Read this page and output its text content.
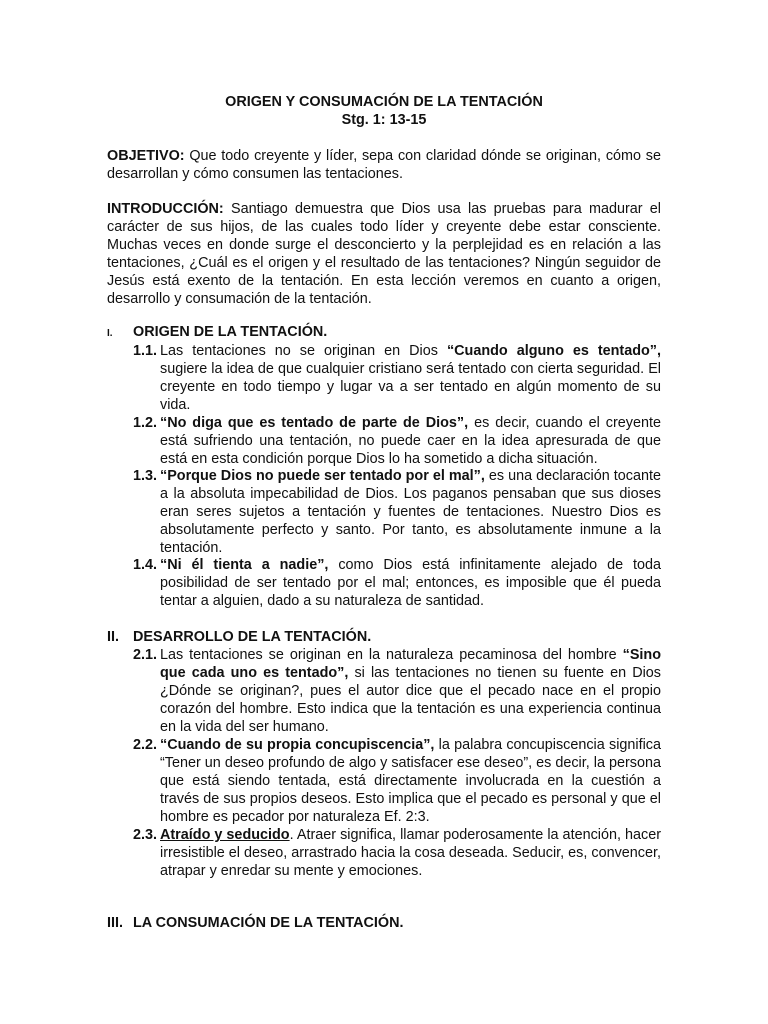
ORIGEN Y CONSUMACIÓN DE LA TENTACIÓN
Stg. 1: 13-15
OBJETIVO: Que todo creyente y líder, sepa con claridad dónde se originan, cómo se desarrollan y cómo consumen las tentaciones.
INTRODUCCIÓN: Santiago demuestra que Dios usa las pruebas para madurar el carácter de sus hijos, de las cuales todo líder y creyente debe estar consciente. Muchas veces en donde surge el desconcierto y la perplejidad es en relación a las tentaciones, ¿Cuál es el origen y el resultado de las tentaciones? Ningún seguidor de Jesús está exento de la tentación. En esta lección veremos en cuanto a origen, desarrollo y consumación de la tentación.
I. ORIGEN DE LA TENTACIÓN.
1.1. Las tentaciones no se originan en Dios “Cuando alguno es tentado”, sugiere la idea de que cualquier cristiano será tentado con cierta seguridad. El creyente en todo tiempo y lugar va a ser tentado en algún momento de su vida.
1.2. “No diga que es tentado de parte de Dios”, es decir, cuando el creyente está sufriendo una tentación, no puede caer en la idea apresurada de que está en esta condición porque Dios lo ha sometido a dicha situación.
1.3. “Porque Dios no puede ser tentado por el mal”, es una declaración tocante a la absoluta impecabilidad de Dios. Los paganos pensaban que sus dioses eran seres sujetos a tentación y fuentes de tentaciones. Nuestro Dios es absolutamente perfecto y santo. Por tanto, es absolutamente inmune a la tentación.
1.4. “Ni él tienta a nadie”, como Dios está infinitamente alejado de toda posibilidad de ser tentado por el mal; entonces, es imposible que él pueda tentar a alguien, dado a su naturaleza de santidad.
II. DESARROLLO DE LA TENTACIÓN.
2.1. Las tentaciones se originan en la naturaleza pecaminosa del hombre “Sino que cada uno es tentado”, si las tentaciones no tienen su fuente en Dios ¿Dónde se originan?, pues el autor dice que el pecado nace en el propio corazón del hombre. Esto indica que la tentación es una experiencia continua en la vida del ser humano.
2.2. “Cuando de su propia concupiscencia”, la palabra concupiscencia significa “Tener un deseo profundo de algo y satisfacer ese deseo”, es decir, la persona que está siendo tentada, está directamente involucrada en la cuestión a través de sus propios deseos. Esto implica que el pecado es personal y que el hombre es pecador por naturaleza Ef. 2:3.
2.3. Atraído y seducido. Atraer significa, llamar poderosamente la atención, hacer irresistible el deseo, arrastrado hacia la cosa deseada. Seducir, es, convencer, atrapar y enredar su mente y emociones.
III. LA CONSUMACIÓN DE LA TENTACIÓN.
